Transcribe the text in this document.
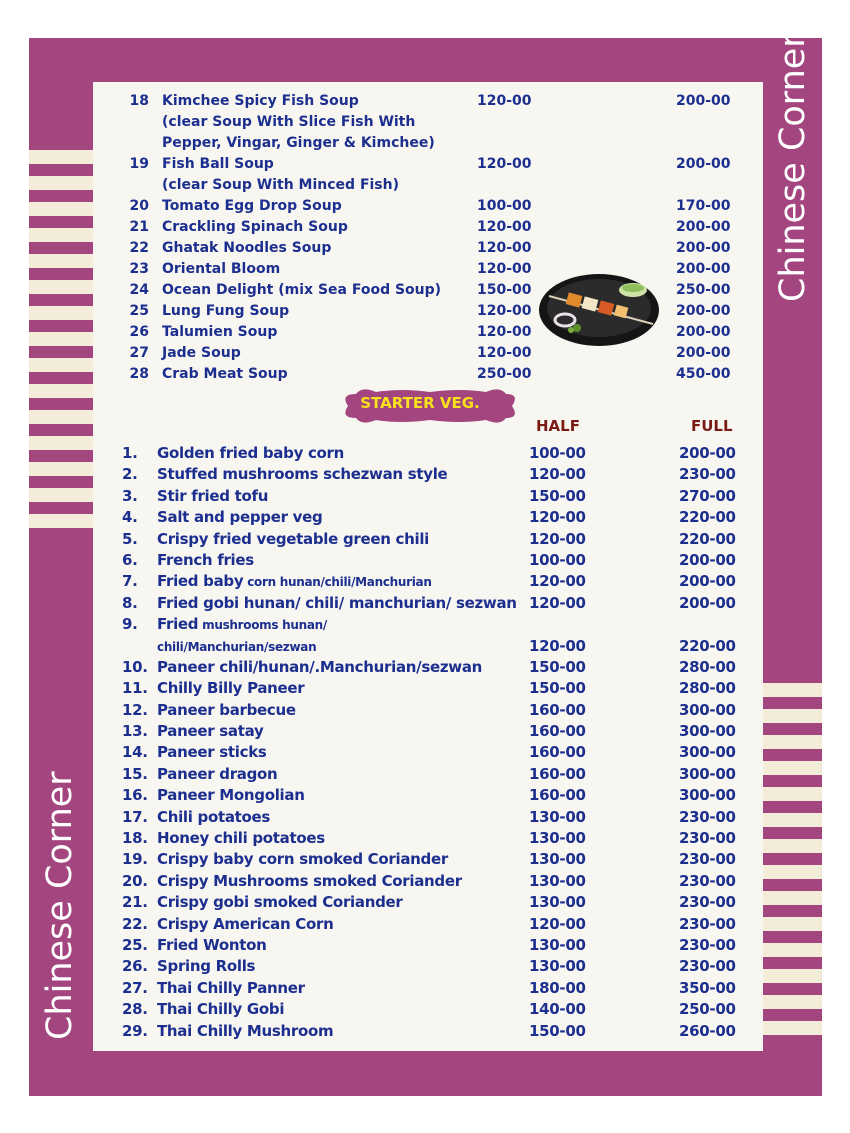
Chinese Corner
Chinese Corner
18 Kimchee Spicy Fish Soup	120-00	200-00
(clear Soup With Slice Fish With
Pepper, Vingar, Ginger & Kimchee)
19 Fish Ball Soup	120-00	200-00
(clear Soup With Minced Fish)
20 Tomato Egg Drop Soup	100-00	170-00
21 Crackling Spinach Soup	120-00	200-00
22 Ghatak Noodles Soup	120-00	200-00
23 Oriental Bloom	120-00	200-00
24 Ocean Delight (mix Sea Food Soup)	150-00	250-00
25 Lung Fung Soup	120-00	200-00
26 Talumien Soup	120-00	200-00
27 Jade Soup	120-00	200-00
28 Crab Meat Soup	250-00	450-00
STARTER VEG.
HALF	FULL
1. Golden fried baby corn	100-00	200-00
2. Stuffed mushrooms schezwan style	120-00	230-00
3. Stir fried tofu	150-00	270-00
4. Salt and pepper veg	120-00	220-00
5. Crispy fried vegetable green chili	120-00	220-00
6. French fries	100-00	200-00
7. Fried baby corn hunan/chili/Manchurian	120-00	200-00
8. Fried gobi hunan/ chili/ manchurian/ sezwan 120-00	200-00
9. Fried mushrooms hunan/
chili/Manchurian/sezwan	120-00	220-00
10. Paneer chili/hunan/.Manchurian/sezwan	150-00	280-00
11. Chilly Billy Paneer	150-00	280-00
12. Paneer barbecue	160-00	300-00
13. Paneer satay	160-00	300-00
14. Paneer sticks	160-00	300-00
15. Paneer dragon	160-00	300-00
16. Paneer Mongolian	160-00	300-00
17. Chili potatoes	130-00	230-00
18. Honey chili potatoes	130-00	230-00
19. Crispy baby corn smoked Coriander	130-00	230-00
20. Crispy Mushrooms smoked Coriander	130-00	230-00
21. Crispy gobi smoked Coriander	130-00	230-00
22. Crispy American Corn	120-00	230-00
25. Fried Wonton	130-00	230-00
26. Spring Rolls	130-00	230-00
27. Thai Chilly Panner	180-00	350-00
28. Thai Chilly Gobi	140-00	250-00
29. Thai Chilly Mushroom	150-00	260-00
